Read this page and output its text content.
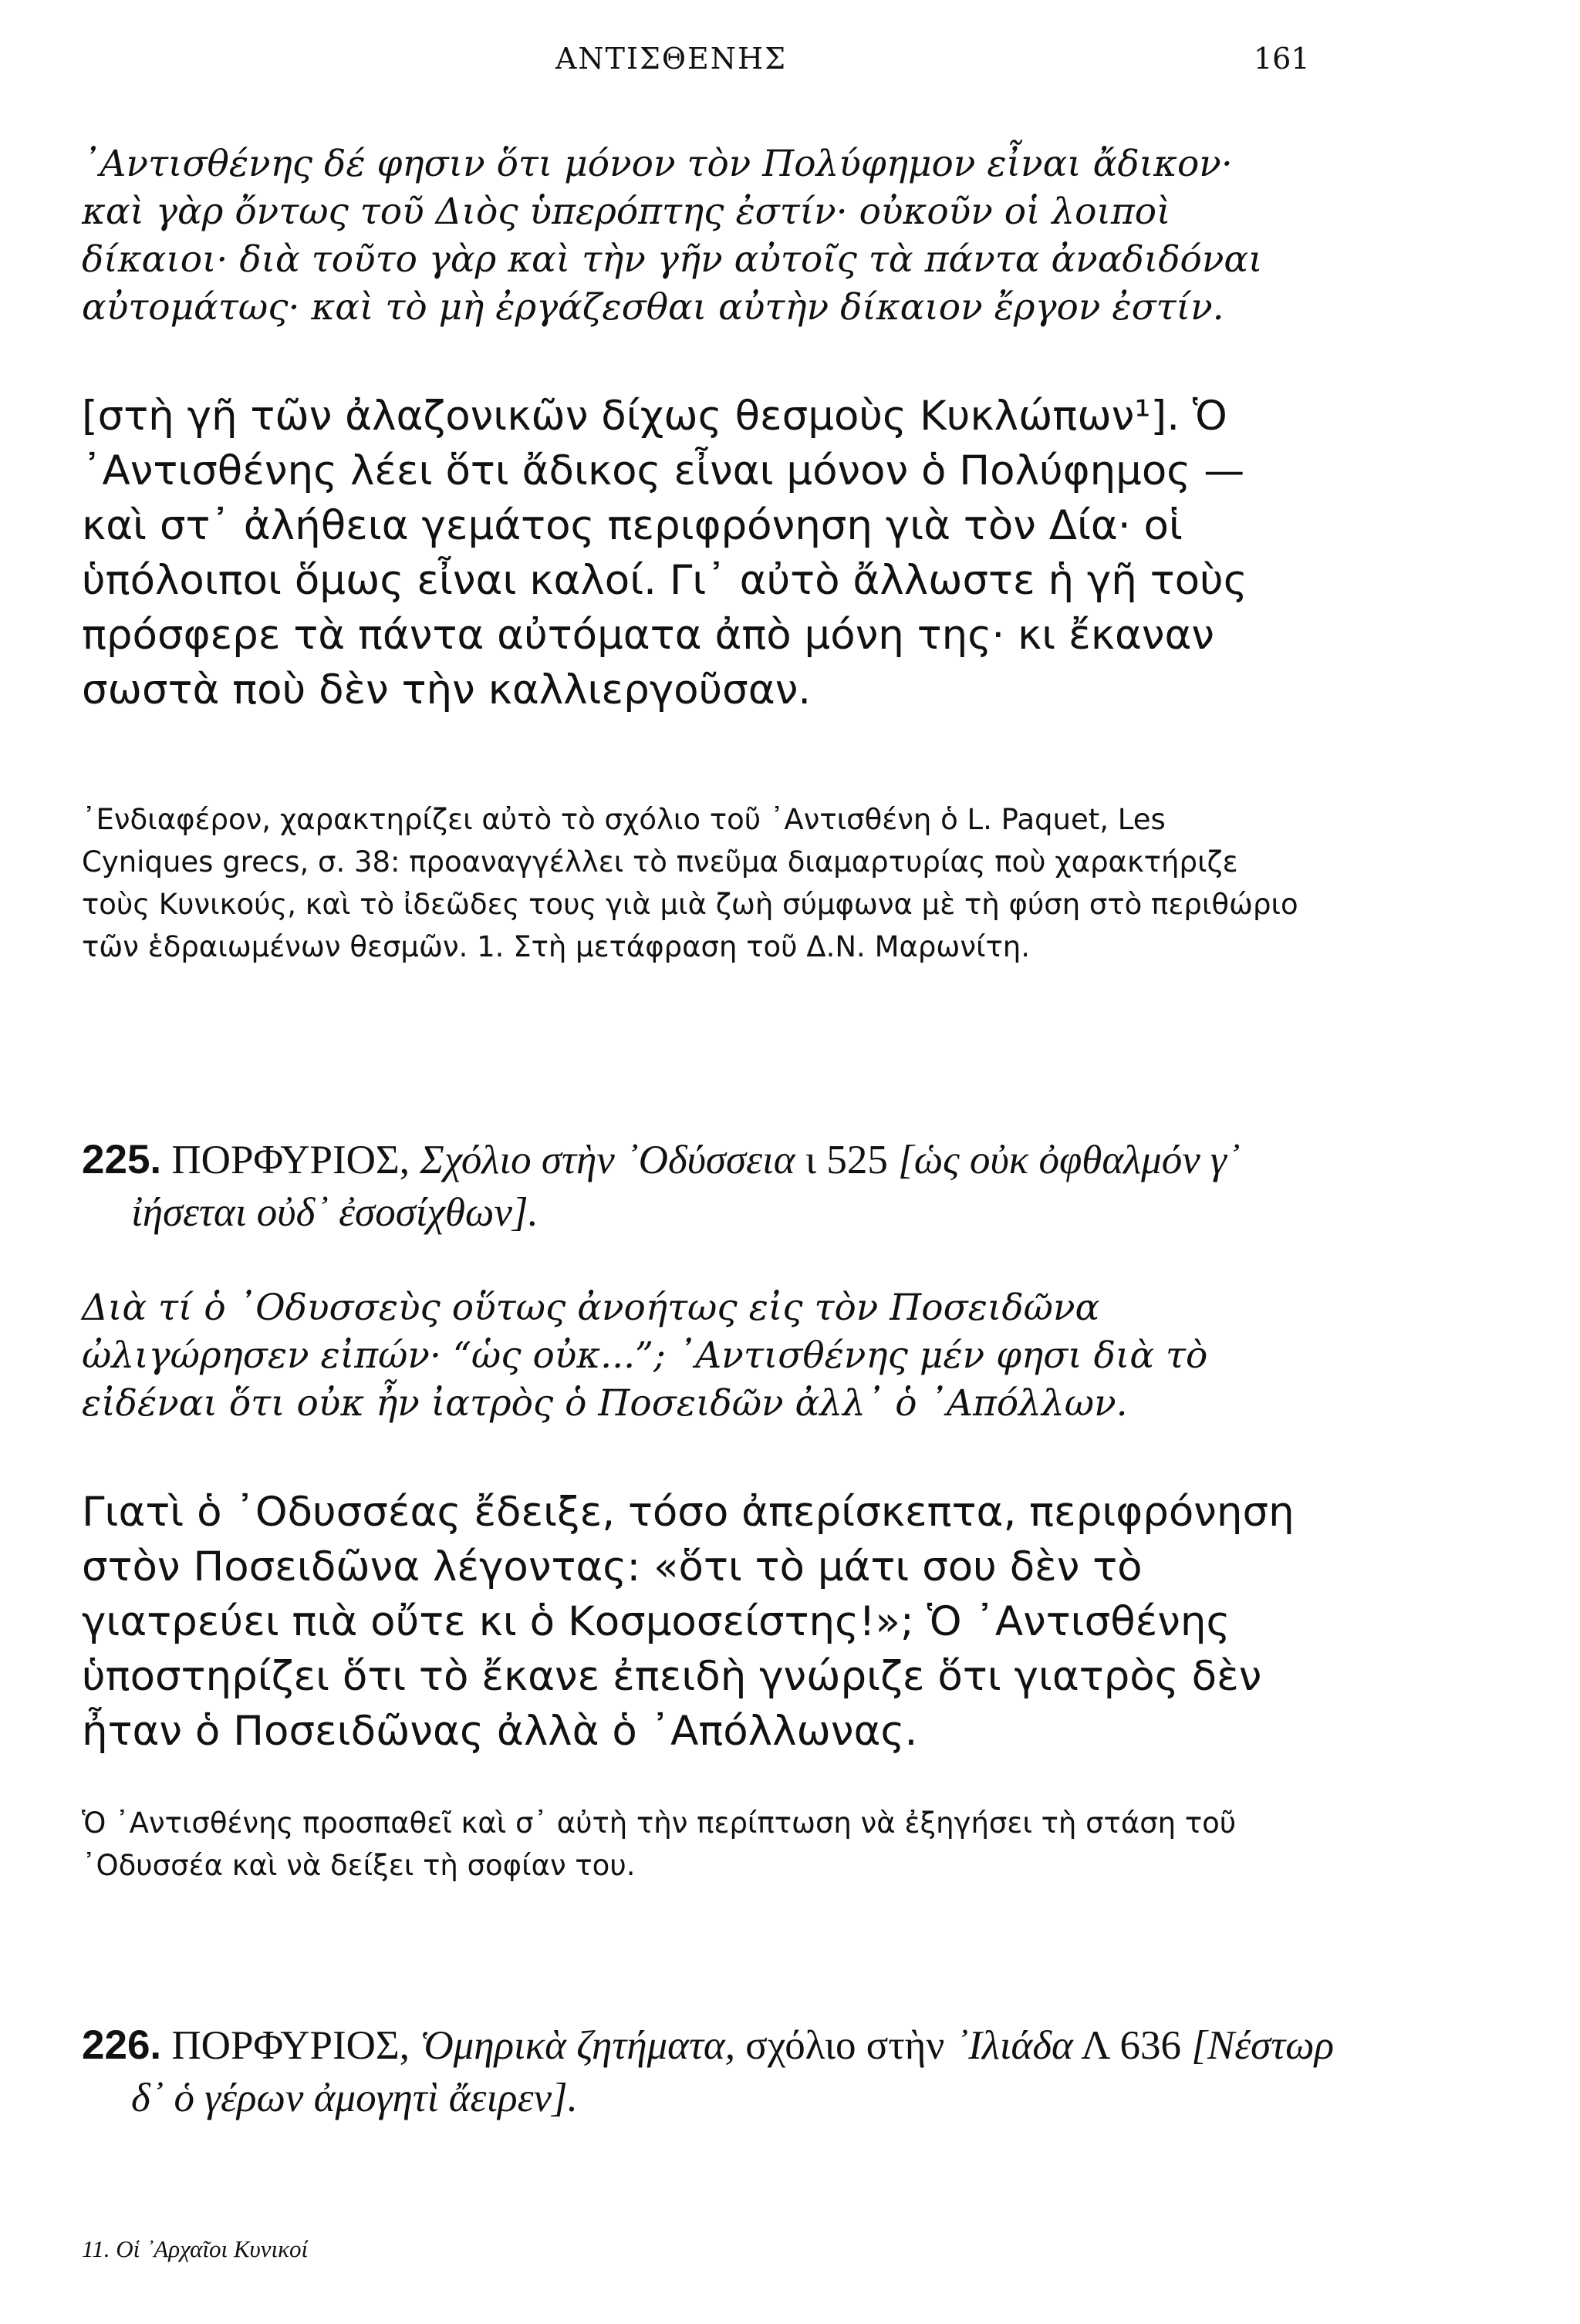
ΑΝΤΙΣΘΕΝΗΣ	161

᾽Αντισθένης δέ φησιν ὅτι μόνον τὸν Πολύφημον εἶναι ἄδικον· καὶ γὰρ ὄντως τοῦ Διὸς ὑπερόπτης ἐστίν· οὐκοῦν οἱ λοιποὶ δίκαιοι· διὰ τοῦτο γὰρ καὶ τὴν γῆν αὐτοῖς τὰ πάντα ἀναδιδόναι αὐτομάτως· καὶ τὸ μὴ ἐργάζεσθαι αὐτὴν δίκαιον ἔργον ἐστίν.

[στὴ γῆ τῶν ἀλαζονικῶν δίχως θεσμοὺς Κυκλώπων¹]. Ὁ ᾽Αντισθένης λέει ὅτι ἄδικος εἶναι μόνον ὁ Πολύφημος — καὶ στ᾽ ἀλήθεια γεμάτος περιφρόνηση γιὰ τὸν Δία· οἱ ὑπόλοιποι ὅμως εἶναι καλοί. Γι᾽ αὐτὸ ἄλλωστε ἡ γῆ τοὺς πρόσφερε τὰ πάντα αὐτόματα ἀπὸ μόνη της· κι ἔκαναν σωστὰ ποὺ δὲν τὴν καλλιεργοῦσαν.

᾽Ενδιαφέρον, χαρακτηρίζει αὐτὸ τὸ σχόλιο τοῦ ᾽Αντισθένη ὁ L. Paquet, Les Cyniques grecs, σ. 38: προαναγγέλλει τὸ πνεῦμα διαμαρτυρίας ποὺ χαρακτήριζε τοὺς Κυνικούς, καὶ τὸ ἰδεῶδες τους γιὰ μιὰ ζωὴ σύμφωνα μὲ τὴ φύση στὸ περιθώριο τῶν ἑδραιωμένων θεσμῶν. 1. Στὴ μετάφραση τοῦ Δ.Ν. Μαρωνίτη.

225. ΠΟΡΦΥΡΙΟΣ, Σχόλιο στὴν ᾽Οδύσσεια ι 525 [ὡς οὐκ ὀφθαλμόν γ᾽ ἰήσεται οὐδ᾽ ἐσοσίχθων].

Διὰ τί ὁ ᾽Οδυσσεὺς οὕτως ἀνοήτως εἰς τὸν Ποσειδῶνα ὠλιγώρησεν εἰπών· “ὡς οὐκ...”; ᾽Αντισθένης μέν φησι διὰ τὸ εἰδέναι ὅτι οὐκ ἦν ἰατρὸς ὁ Ποσειδῶν ἀλλ᾽ ὁ ᾽Απόλλων.

Γιατὶ ὁ ᾽Οδυσσέας ἔδειξε, τόσο ἀπερίσκεπτα, περιφρόνηση στὸν Ποσειδῶνα λέγοντας: «ὅτι τὸ μάτι σου δὲν τὸ γιατρεύει πιὰ οὔτε κι ὁ Κοσμοσείστης!»; Ὁ ᾽Αντισθένης ὑποστηρίζει ὅτι τὸ ἔκανε ἐπειδὴ γνώριζε ὅτι γιατρὸς δὲν ἦταν ὁ Ποσειδῶνας ἀλλὰ ὁ ᾽Απόλλωνας.

Ὁ ᾽Αντισθένης προσπαθεῖ καὶ σ᾽ αὐτὴ τὴν περίπτωση νὰ ἐξηγήσει τὴ στάση τοῦ ᾽Οδυσσέα καὶ νὰ δείξει τὴ σοφίαν του.

226. ΠΟΡΦΥΡΙΟΣ, Ὁμηρικὰ ζητήματα, σχόλιο στὴν ᾽Ιλιάδα Λ 636 [Νέστωρ δ᾽ ὁ γέρων ἀμογητὶ ἄειρεν].

11. Οἱ ᾽Αρχαῖοι Κυνικοί
